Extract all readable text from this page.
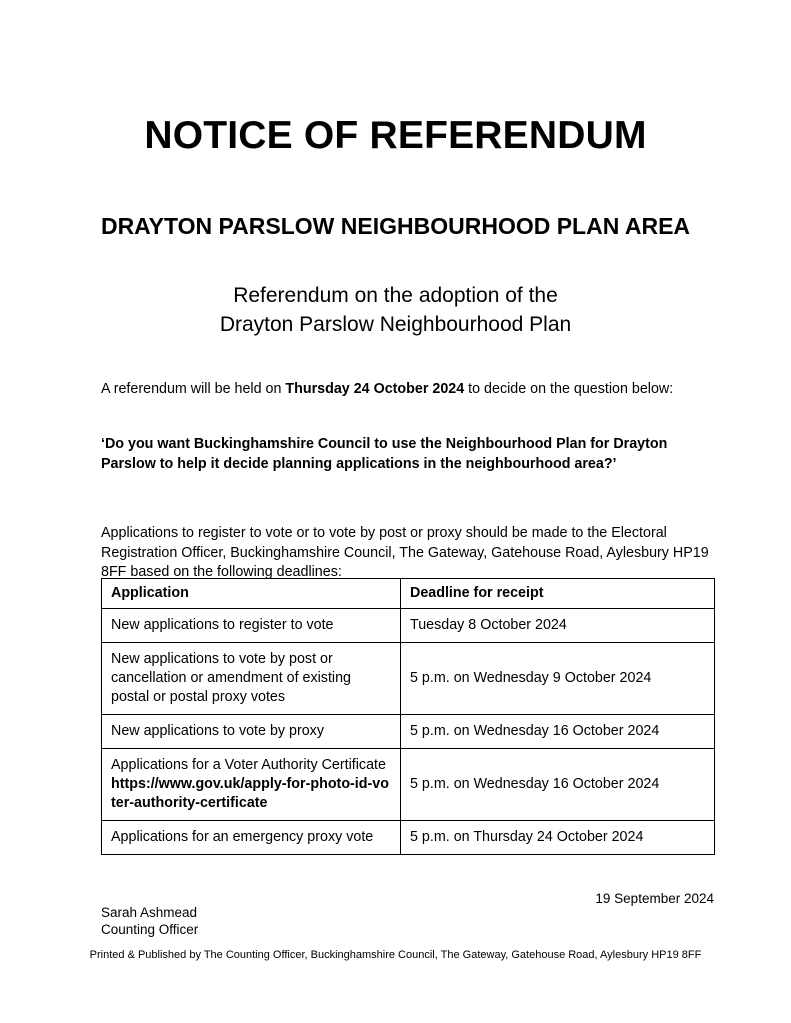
NOTICE OF REFERENDUM
DRAYTON PARSLOW NEIGHBOURHOOD PLAN AREA
Referendum on the adoption of the
Drayton Parslow Neighbourhood Plan

A referendum will be held on Thursday 24 October 2024 to decide on the question below:

‘Do you want Buckinghamshire Council to use the Neighbourhood Plan for Drayton Parslow to help it decide planning applications in the neighbourhood area?’

Applications to register to vote or to vote by post or proxy should be made to the Electoral Registration Officer, Buckinghamshire Council, The Gateway, Gatehouse Road, Aylesbury HP19 8FF based on the following deadlines:

Application	Deadline for receipt

New applications to register to vote	Tuesday 8 October 2024

New applications to vote by post or cancellation or amendment of existing postal or postal proxy votes	5 p.m. on Wednesday 9 October 2024

New applications to vote by proxy	5 p.m. on Wednesday 16 October 2024

Applications for a Voter Authority Certificate
https://www.gov.uk/apply-for-photo-id-voter-authority-certificate	5 p.m. on Wednesday 16 October 2024

Applications for an emergency proxy vote	5 p.m. on Thursday 24 October 2024
19 September 2024
Sarah Ashmead
Counting Officer
Printed & Published by The Counting Officer, Buckinghamshire Council, The Gateway, Gatehouse Road, Aylesbury HP19 8FF
